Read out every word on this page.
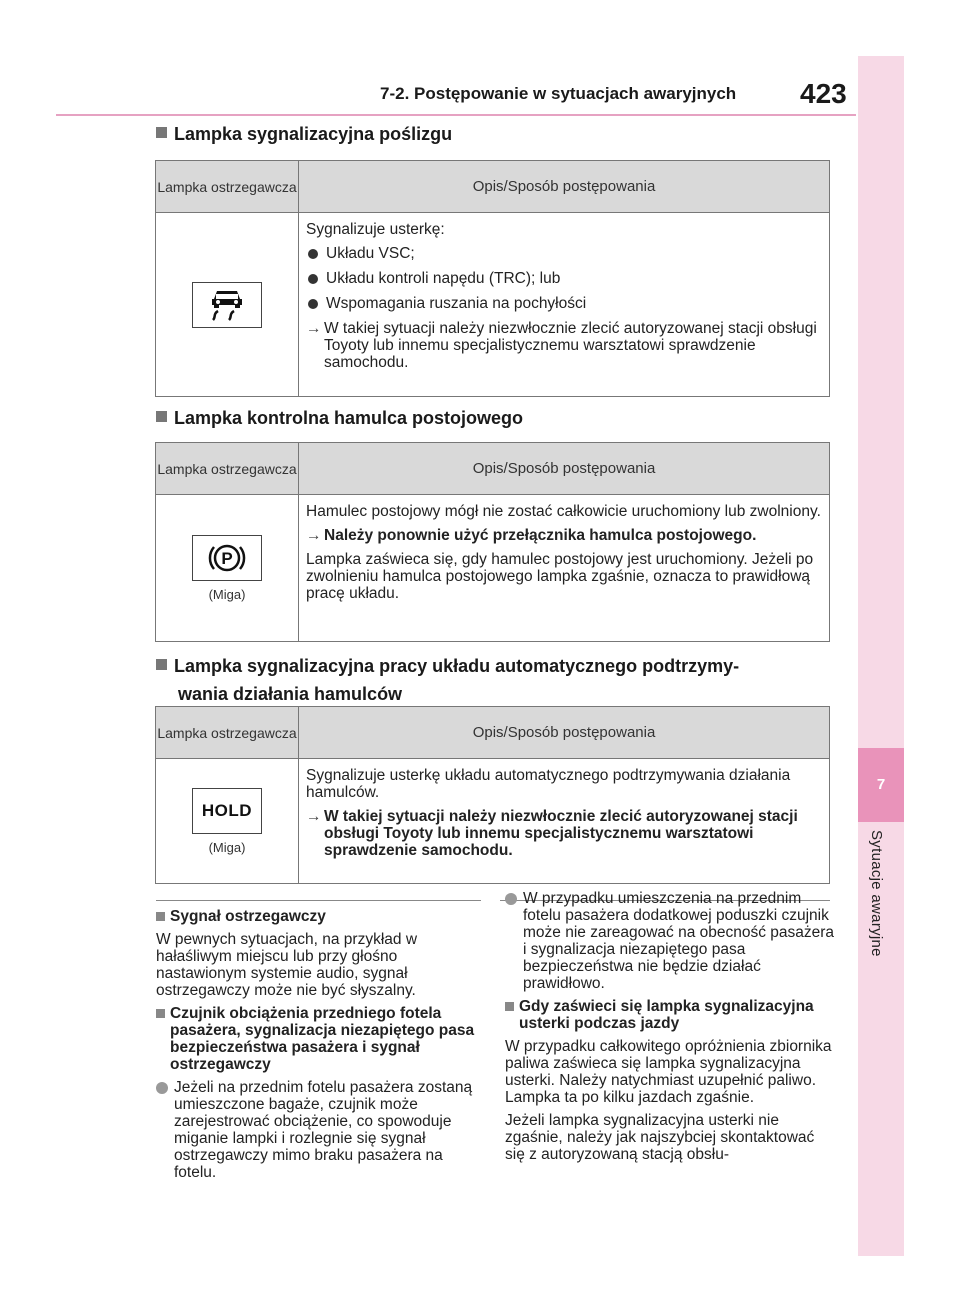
7-2. Postępowanie w sytuacjach awaryjnych 423
7
Sytuacje awaryjne
Lampka sygnalizacyjna poślizgu
Lampka ostrzegawcza	Opis/Sposób postępowania

Sygnalizuje usterkę:

Układu VSC;
Układu kontroli napędu (TRC); lub
Wspomagania ruszania na pochyłości
→ W takiej sytuacji należy niezwłocznie zlecić autoryzowanej stacji obsługi Toyoty lub innemu specjalistycznemu warsztatowi sprawdzenie samochodu.
Lampka kontrolna hamulca postojowego
Lampka ostrzegawcza	Opis/Sposób postępowania
P
(Miga)

Hamulec postojowy mógł nie zostać całkowicie uruchomiony lub zwolniony.

→ Należy ponownie użyć przełącznika hamulca postojowego.

Lampka zaświeca się, gdy hamulec postojowy jest uruchomiony. Jeżeli po zwolnieniu hamulca postojowego lampka zgaśnie, oznacza to prawidłową pracę układu.

Lampka sygnalizacyjna pracy układu automatycznego podtrzymy-
wania działania hamulców
Lampka ostrzegawcza	Opis/Sposób postępowania
HOLD
(Miga)

Sygnalizuje usterkę układu automatycznego podtrzymywania działania hamulców.

→ W takiej sytuacji należy niezwłocznie zlecić autoryzowanej stacji obsługi Toyoty lub innemu specjalistycznemu warsztatowi sprawdzenie samochodu.
Sygnał ostrzegawczy

W pewnych sytuacjach, na przykład w hałaśliwym miejscu lub przy głośno nastawionym systemie audio, sygnał ostrzegawczy może nie być słyszalny.

Czujnik obciążenia przedniego fotela pasażera, sygnalizacja niezapiętego pasa bezpieczeństwa pasażera i sygnał ostrzegawczy
Jeżeli na przednim fotelu pasażera zostaną umieszczone bagaże, czujnik może zarejestrować obciążenie, co spowoduje miganie lampki i rozlegnie się sygnał ostrzegawczy mimo braku pasażera na fotelu.
W przypadku umieszczenia na przednim fotelu pasażera dodatkowej poduszki czujnik może nie zareagować na obecność pasażera i sygnalizacja niezapiętego pasa bezpieczeństwa nie będzie działać prawidłowo.
Gdy zaświeci się lampka sygnalizacyjna usterki podczas jazdy

W przypadku całkowitego opróżnienia zbiornika paliwa zaświeca się lampka sygnalizacyjna usterki. Należy natychmiast uzupełnić paliwo. Lampka ta po kilku jazdach zgaśnie.

Jeżeli lampka sygnalizacyjna usterki nie zgaśnie, należy jak najszybciej skontaktować się z autoryzowaną stacją obsłu-
